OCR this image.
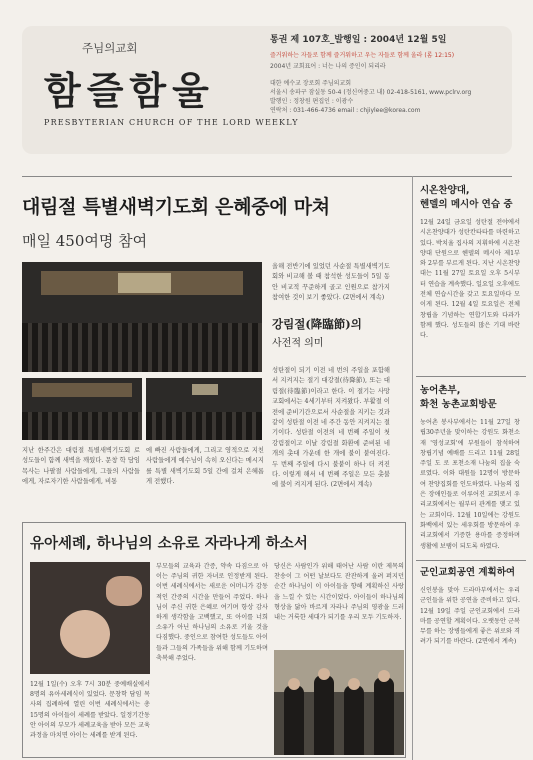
주님의교회
함즐함울
PRESBYTERIAN CHURCH OF THE LORD WEEKLY
통권 제 107호_발행일 : 2004년 12월 5일
즐거워하는 자들로 함께 즐거워하고 우는 자들로 함께 울라 (롬 12:15)
2004년 교회표어 : 너는 나의 증인이 되리라
대한 예수교 장로회 주님의교회
서울시 송파구 잠실동 50-4 (정신여중고 내) 02-418-5161, www.pclrv.org
발행인 : 정창원 편집인 : 이광수
연락처 : 031-466-4736 email : chjiylee@korea.com
대림절 특별새벽기도회 은혜중에 마쳐
매일 450여명 참여
지난 한주간은 대림절 특별새벽기도회 로 성도들이 함께 새벽을 깨웠다. 문창 학 담임목사는 나팔절 사람들에게, 그들의 사람들에게, 자로자기한 사람들에게, 비통
에 빠진 사람들에게, 그리고 영적으로 지친 사람들에게 예수님이 속히 오신다는 메시지를 특별 새벽기도회 5일 간에 걸쳐 은혜롭게 전했다.
올해 전반기에 있었던 사순절 특별새벽기도회와 비교해 볼 때 참석한 성도들이 5일 동안 비교적 꾸준하게 골고 인원으로 참가지 참여한 것이 보기 좋았다. (2면에서 계속)
강림절(降臨節)의
사전적 의미
성탄절이 되기 이전 네 번의 주일을 포함해서 지켜지는 절기 대강절(待降節), 또는 대림절(待臨節)이라고 한다. 이 절기는 사망 교회에서는 4세기부터 지켜왔다. 부활절 이전에 준비기간으로서 사순절을 지키는 것과 같이 성탄절 이전 네 주간 동안 지켜지는 절기이다. 성탄절 이전의 네 번째 주일이 첫 강림절이고 이날 강림절 화환에 준비된 네 개의 촛대 가운데 한 개에 불이 붙여진다. 두 번째 주일에 다시 불붙이 하나 더 켜진다. 이렇게 해서 네 번째 주일은 모든 촛불에 불이 켜지게 된다. (2면에서 계속)
유아세례, 하나님의 소유로 자라나게 하소서
12월 1일(수) 오후 7시 30분 중예배실에서 8명의 유아세례식이 있었다. 문창학 담임 목사의 집례하에 열린 이번 세례식에서는 총 15명의 아이들이 세례를 받았다. 일정기간동안 아이의 부모가 세례교육을 받아 모든 교육과정을 마치면 아이는 세례를 받게 된다.
부모들의 교육과 간증, 약속 다짐으로 아이는 주님의 귀한 자녀로 인정받게 된다. 이번 세례식에서는 새로운 어머니가 감동적인 간증의 시간을 만들어 주었다. 하나님이 주신 귀한 은혜로 여기며 항상 감사하게 생각함을 고백했고, 또 아이를 너희 소유가 아닌 하나님의 소유로 키울 것을 다짐했다. 중인으로 참여한 성도들도 아이들과 그들의 가족들을 위해 함께 기도하며 축복해 주었다.
당신은 사람인가 위해 태어난 사람 이란 제목의 찬송이 그 어떤 날보다도 잔잔하게 울려 퍼지던 순간 하나님이 이 아이들을 향해 계획하신 사랑을 느낄 수 있는 시간이었다. 아이들이 하나님의 형상을 닮아 바르게 자라나 주님의 영광을 드러내는 거룩한 세대가 되기를 우리 모두 기도하자.
시온찬양대,
헨델의 메시아 연습 중
12월 24일 금요일 성탄절 전야에서 시온찬양대가 성탄칸타타를 마련하고 있다. 박치율 집사의 지휘하에 시온찬양대 단원으로 헨델의 메시아 제1부와 2부를 부르게 된다. 지난 시온찬양대는 11월 27일 토요일 오후 5시부터 연습을 계속했다. 일요일 오후에도 전체 연습시간을 갖고 토요일마다 모이게 된다. 12월 4일 토요일은 전체 창립을 기념하는 연합기도와 다과가 함께 했다. 성도들의 많은 기대 바란다.
농어촌부,
화천 농촌교회방문
농어촌 봉사부에서는 11월 27일 창립30주년을 맞이하는 강원도 화천소재 '영성교회'에 부원들이 참석하여 창립기념 예배를 드리고 11월 28일 주일 도 로 포천소재 나눔의 집을 숙료였다. 이와 대원들 12명이 방문하여 찬양집회를 인도하였다. 나눔의 집은 장애인들로 이루어진 교회로서 우리교회에서는 월부터 관계를 맺고 있는 교회이다. 12월 10일에는 강원도 화백에서 있는 세우회를 방문하여 우리교회에서 기증한 용마를 증정하며 생활에 보탬이 되도록 하였다.
군인교회공연 계획하여
신인봉을 맞아 드라마부에서는 우리 군인들을 위한 공연을 준비하고 있다. 12월 19일 주일 군인교회에서 드라마를 공연할 계획이다. 오랫동안 군복무를 하는 장병들에게 좋은 위로와 격려가 되기를 바란다. (2면에서 계속)
